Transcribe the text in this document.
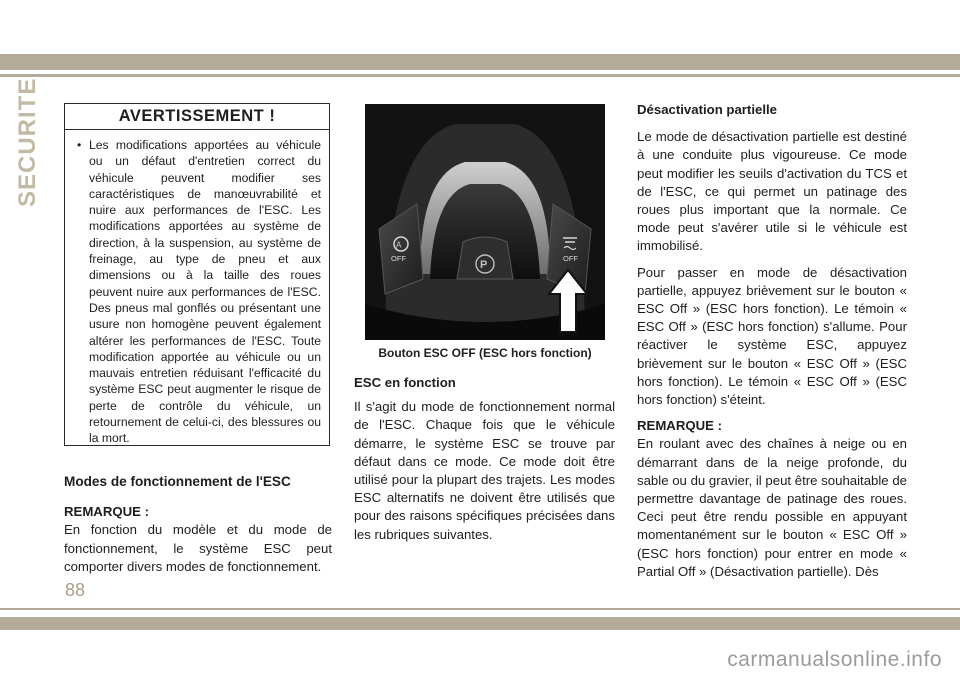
SECURITE	AVERTISSEMENT !
• Les modifications apportées au véhicule ou un défaut d'entretien correct du véhicule peuvent modifier ses caractéristiques de manœuvrabilité et nuire aux performances de l'ESC. Les modifications apportées au système de direction, à la suspension, au système de freinage, au type de pneu et aux dimensions ou à la taille des roues peuvent nuire aux performances de l'ESC. Des pneus mal gonflés ou présentant une usure non homogène peuvent également altérer les performances de l'ESC. Toute modification apportée au véhicule ou un mauvais entretien réduisant l'efficacité du système ESC peut augmenter le risque de perte de contrôle du véhicule, un retournement de celui-ci, des blessures ou la mort.

Modes de fonctionnement de l'ESC

REMARQUE :

En fonction du modèle et du mode de fonctionnement, le système ESC peut comporter divers modes de fonctionnement.

A
P
OFF	OFF
Bouton ESC OFF (ESC hors fonction)

ESC en fonction

Il s'agit du mode de fonctionnement normal de l'ESC. Chaque fois que le véhicule démarre, le système ESC se trouve par défaut dans ce mode. Ce mode doit être utilisé pour la plupart des trajets. Les modes ESC alternatifs ne doivent être utilisés que pour des raisons spécifiques précisées dans les rubriques suivantes.

Désactivation partielle

Le mode de désactivation partielle est destiné à une conduite plus vigoureuse. Ce mode peut modifier les seuils d'activation du TCS et de l'ESC, ce qui permet un patinage des roues plus important que la normale. Ce mode peut s'avérer utile si le véhicule est immobilisé.

Pour passer en mode de désactivation partielle, appuyez brièvement sur le bouton « ESC Off » (ESC hors fonction). Le témoin « ESC Off » (ESC hors fonction) s'allume. Pour réactiver le système ESC, appuyez brièvement sur le bouton « ESC Off » (ESC hors fonction). Le témoin « ESC Off » (ESC hors fonction) s'éteint.

REMARQUE :

En roulant avec des chaînes à neige ou en démarrant dans de la neige profonde, du sable ou du gravier, il peut être souhaitable de permettre davantage de patinage des roues. Ceci peut être rendu possible en appuyant momentanément sur le bouton « ESC Off » (ESC hors fonction) pour entrer en mode « Partial Off » (Désactivation partielle). Dès

88
carmanualsonline.info
